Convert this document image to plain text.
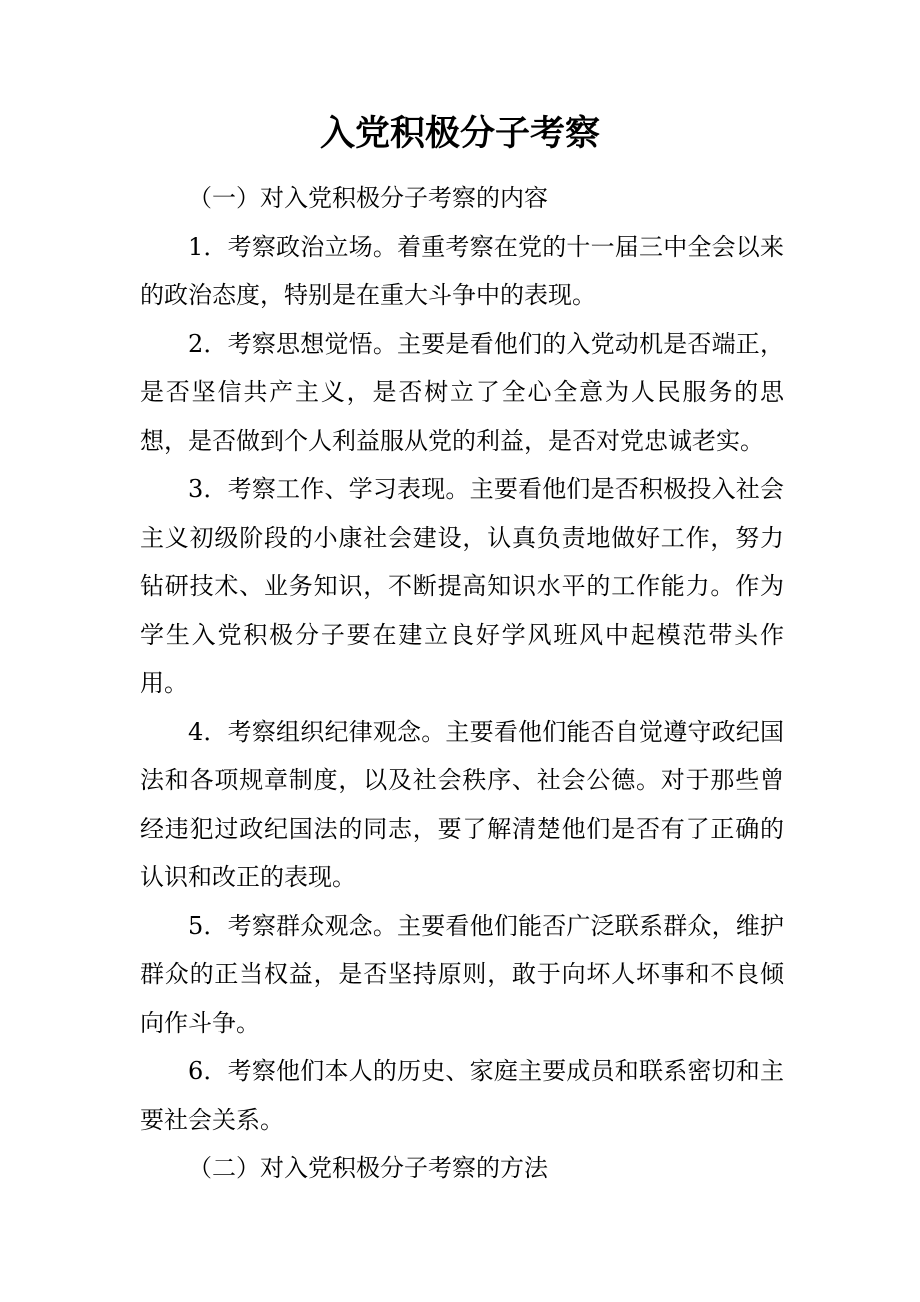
入党积极分子考察

（一）对入党积极分子考察的内容

1．考察政治立场。着重考察在党的十一届三中全会以来的政治态度，特别是在重大斗争中的表现。

2．考察思想觉悟。主要是看他们的入党动机是否端正，是否坚信共产主义，是否树立了全心全意为人民服务的思想，是否做到个人利益服从党的利益，是否对党忠诚老实。

3．考察工作、学习表现。主要看他们是否积极投入社会主义初级阶段的小康社会建设，认真负责地做好工作，努力钻研技术、业务知识，不断提高知识水平的工作能力。作为学生入党积极分子要在建立良好学风班风中起模范带头作用。

4．考察组织纪律观念。主要看他们能否自觉遵守政纪国法和各项规章制度，以及社会秩序、社会公德。对于那些曾经违犯过政纪国法的同志，要了解清楚他们是否有了正确的认识和改正的表现。

5．考察群众观念。主要看他们能否广泛联系群众，维护群众的正当权益，是否坚持原则，敢于向坏人坏事和不良倾向作斗争。

6．考察他们本人的历史、家庭主要成员和联系密切和主要社会关系。

（二）对入党积极分子考察的方法
